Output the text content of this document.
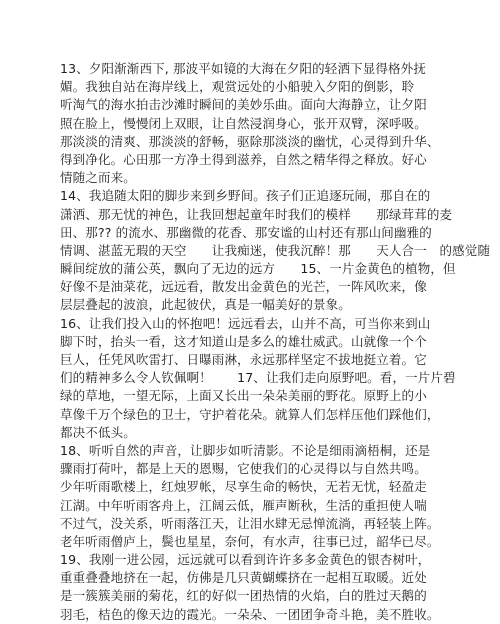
13、夕阳渐渐西下, 那波平如镜的大海在夕阳的轻洒下显得格外抚
媚。我独自站在海岸线上，观赏远处的小船驶入夕阳的倒影，聆
听淘气的海水拍击沙滩时瞬间的美妙乐曲。面向大海静立，让夕阳
照在脸上，慢慢闭上双眼，让自然浸润身心，张开双臂，深呼吸。
那淡淡的清爽、那淡淡的舒畅，驱除那淡淡的幽忧，心灵得到升华、
得到净化。心田那一方净土得到滋养，自然之精华得之释放。好心
情随之而来。
14、我追随太阳的脚步来到乡野间。孩子们正追逐玩闹，那自在的
潇洒、那无忧的神色，让我回想起童年时我们的模样　　那绿茸茸的麦
田、那?? 的流水、那幽微的花香、那安谧的山村还有那山间幽雅的
情调、湛蓝无瑕的天空　　让我痴迷，使我沉醉！那　　天人合一　的感觉随
瞬间绽放的蒲公英，飘向了无边的远方　　15、一片金黄色的植物，但
好像不是油菜花，远远看，散发出金黄色的光芒，一阵风吹来，像
层层叠起的波浪，此起彼伏，真是一幅美好的景象。
16、让我们投入山的怀抱吧！远远看去，山并不高，可当你来到山
脚下时，抬头一看，这才知道山是多么的雄壮威武。山就像一个个
巨人，任凭风吹雷打、日曝雨淋，永远那样坚定不拔地挺立着。它
们的精神多么令人钦佩啊！　　17、让我们走向原野吧。看，一片片碧
绿的草地，一望无际，上面又长出一朵朵美丽的野花。原野上的小
草像千万个绿色的卫士，守护着花朵。就算人们怎样压他们踩他们，
都决不低头。
18、听听自然的声音，让脚步如听清影。不论是细雨滴梧桐，还是
骤雨打荷叶，都是上天的恩赐，它使我们的心灵得以与自然共鸣。
少年听雨歌楼上，红烛罗帐，尽享生命的畅快，无若无忧，轻盈走
江湖。中年听雨客舟上，江阔云低，雁声断秋，生活的重担使人喘
不过气，没关系，听雨落江天，让泪水肆无忌惮流淌，再轻装上阵。
老年听雨僧庐上，鬓也星星，奈何，有水声，往事已过，韶华已尽。
19、我刚一进公园，远远就可以看到许许多多金黄色的银杏树叶，
重重叠叠地挤在一起，仿佛是几只黄蝴蝶挤在一起相互取暖。近处
是一簇簇美丽的菊花，红的好似一团热情的火焰，白的胜过天鹅的
羽毛，桔色的像天边的霞光。一朵朵、一团团争奇斗艳，美不胜收。
